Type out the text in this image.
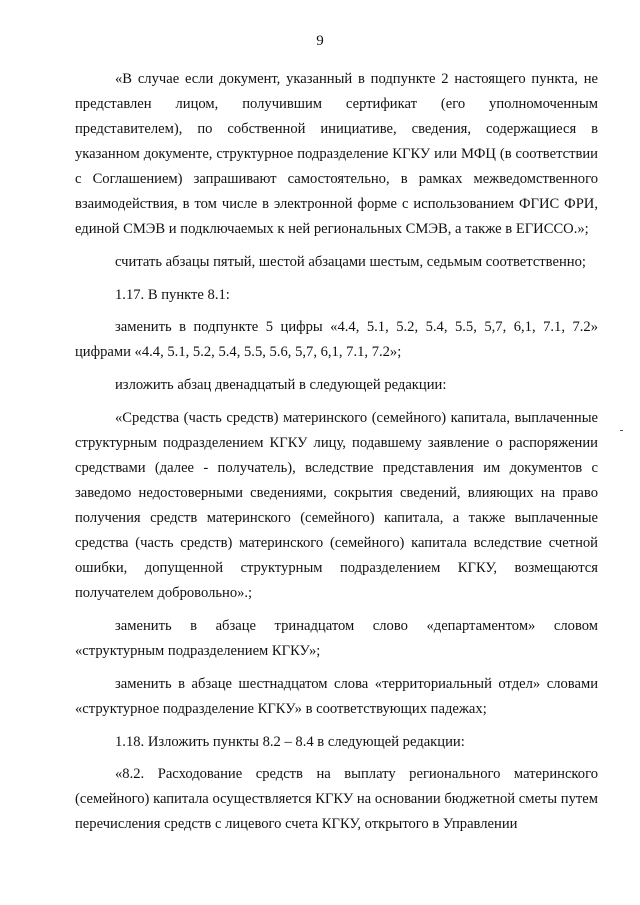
9

«В случае если документ, указанный в подпункте 2 настоящего пункта, не представлен лицом, получившим сертификат (его уполномоченным представителем), по собственной инициативе, сведения, содержащиеся в указанном документе, структурное подразделение КГКУ или МФЦ (в соответствии с Соглашением) запрашивают самостоятельно, в рамках межведомственного взаимодействия, в том числе в электронной форме с использованием ФГИС ФРИ, единой СМЭВ и подключаемых к ней региональных СМЭВ, а также в ЕГИССО.»;

считать абзацы пятый, шестой абзацами шестым, седьмым соответственно;

1.17. В пункте 8.1:

заменить в подпункте 5 цифры «4.4, 5.1, 5.2, 5.4, 5.5, 5,7, 6,1, 7.1, 7.2» цифрами «4.4, 5.1, 5.2, 5.4, 5.5, 5.6, 5,7, 6,1, 7.1, 7.2»;

изложить абзац двенадцатый в следующей редакции:

«Средства (часть средств) материнского (семейного) капитала, выплаченные структурным подразделением КГКУ лицу, подавшему заявление о распоряжении средствами (далее - получатель), вследствие представления им документов с заведомо недостоверными сведениями, сокрытия сведений, влияющих на право получения средств материнского (семейного) капитала, а также выплаченные средства (часть средств) материнского (семейного) капитала вследствие счетной ошибки, допущенной структурным подразделением КГКУ, возмещаются получателем добровольно».;

заменить в абзаце тринадцатом слово «департаментом» словом «структурным подразделением КГКУ»;

заменить в абзаце шестнадцатом слова «территориальный отдел» словами «структурное подразделение КГКУ» в соответствующих падежах;

1.18. Изложить пункты 8.2 – 8.4 в следующей редакции:

«8.2. Расходование средств на выплату регионального материнского (семейного) капитала осуществляется КГКУ на основании бюджетной сметы путем перечисления средств с лицевого счета КГКУ, открытого в Управлении
